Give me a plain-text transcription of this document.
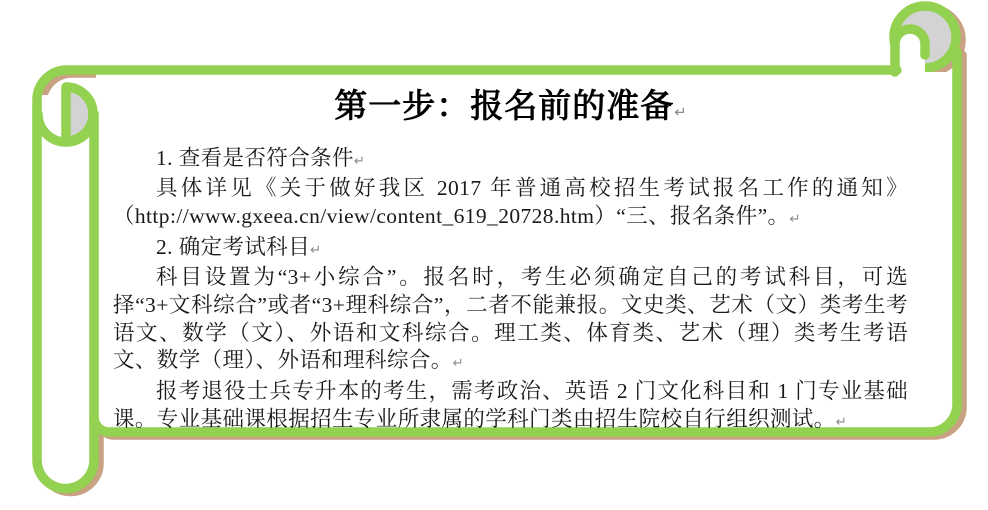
第一步：报名前的准备↵

1. 查看是否符合条件↵

具体详见《关于做好我区 2017 年普通高校招生考试报名工作的通知》（http://www.gxeea.cn/view/content_619_20728.htm）“三、报名条件”。↵

2. 确定考试科目↵

科目设置为“3+小综合”。报名时，考生必须确定自己的考试科目，可选择“3+文科综合”或者“3+理科综合”，二者不能兼报。文史类、艺术（文）类考生考语文、数学（文）、外语和文科综合。理工类、体育类、艺术（理）类考生考语文、数学（理）、外语和理科综合。↵

报考退役士兵专升本的考生，需考政治、英语 2 门文化科目和 1 门专业基础课。专业基础课根据招生专业所隶属的学科门类由招生院校自行组织测试。↵
